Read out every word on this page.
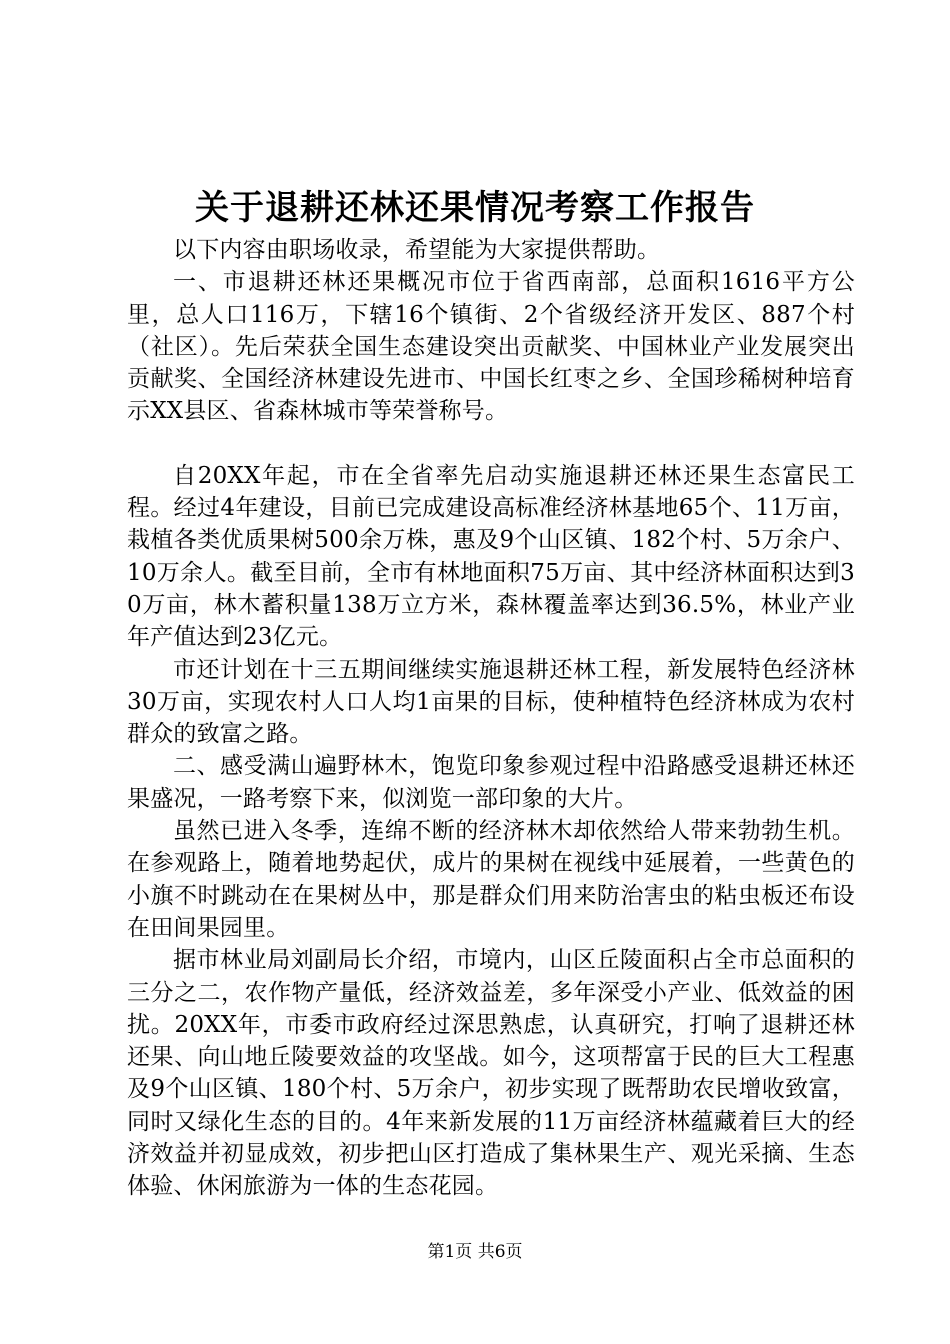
关于退耕还林还果情况考察工作报告

以下内容由职场收录，希望能为大家提供帮助。

一、市退耕还林还果概况市位于省西南部，总面积1616平方公里，总人口116万，下辖16个镇街、2个省级经济开发区、887个村（社区）。先后荣获全国生态建设突出贡献奖、中国林业产业发展突出贡献奖、全国经济林建设先进市、中国长红枣之乡、全国珍稀树种培育示XX县区、省森林城市等荣誉称号。

自20XX年起，市在全省率先启动实施退耕还林还果生态富民工程。经过4年建设，目前已完成建设高标准经济林基地65个、11万亩，栽植各类优质果树500余万株，惠及9个山区镇、182个村、5万余户、10万余人。截至目前，全市有林地面积75万亩、其中经济林面积达到30万亩，林木蓄积量138万立方米，森林覆盖率达到36.5%，林业产业年产值达到23亿元。

市还计划在十三五期间继续实施退耕还林工程，新发展特色经济林30万亩，实现农村人口人均1亩果的目标，使种植特色经济林成为农村群众的致富之路。

二、感受满山遍野林木，饱览印象参观过程中沿路感受退耕还林还果盛况，一路考察下来，似浏览一部印象的大片。

虽然已进入冬季，连绵不断的经济林木却依然给人带来勃勃生机。在参观路上，随着地势起伏，成片的果树在视线中延展着，一些黄色的小旗不时跳动在在果树丛中，那是群众们用来防治害虫的粘虫板还布设在田间果园里。

据市林业局刘副局长介绍，市境内，山区丘陵面积占全市总面积的三分之二，农作物产量低，经济效益差，多年深受小产业、低效益的困扰。20XX年，市委市政府经过深思熟虑，认真研究，打响了退耕还林还果、向山地丘陵要效益的攻坚战。如今，这项帮富于民的巨大工程惠及9个山区镇、180个村、5万余户，初步实现了既帮助农民增收致富，同时又绿化生态的目的。4年来新发展的11万亩经济林蕴藏着巨大的经济效益并初显成效，初步把山区打造成了集林果生产、观光采摘、生态体验、休闲旅游为一体的生态花园。

第1页 共6页
